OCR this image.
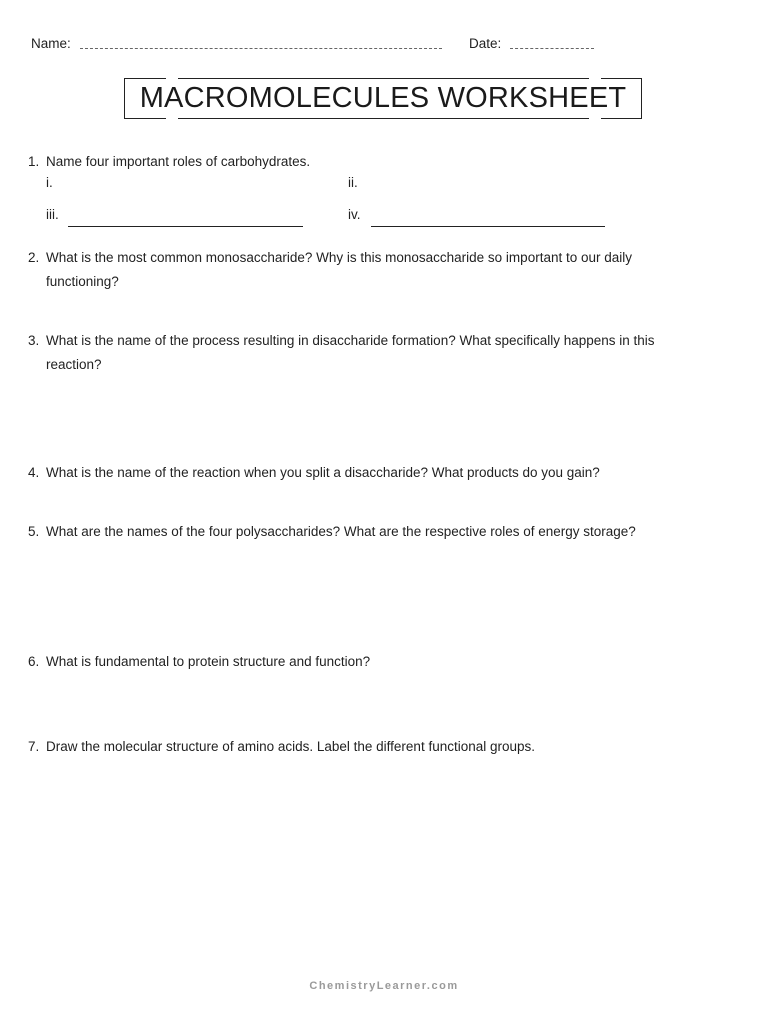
Name:	Date:
MACROMOLECULES WORKSHEET
1. Name four important roles of carbohydrates.
i.	ii.
iii.	iv.
2. What is the most common monosaccharide? Why is this monosaccharide so important to our daily functioning?
3. What is the name of the process resulting in disaccharide formation? What specifically happens in this reaction?
4. What is the name of the reaction when you split a disaccharide? What products do you gain?
5. What are the names of the four polysaccharides? What are the respective roles of energy storage?
6. What is fundamental to protein structure and function?
7. Draw the molecular structure of amino acids. Label the different functional groups.
ChemistryLearner.com
